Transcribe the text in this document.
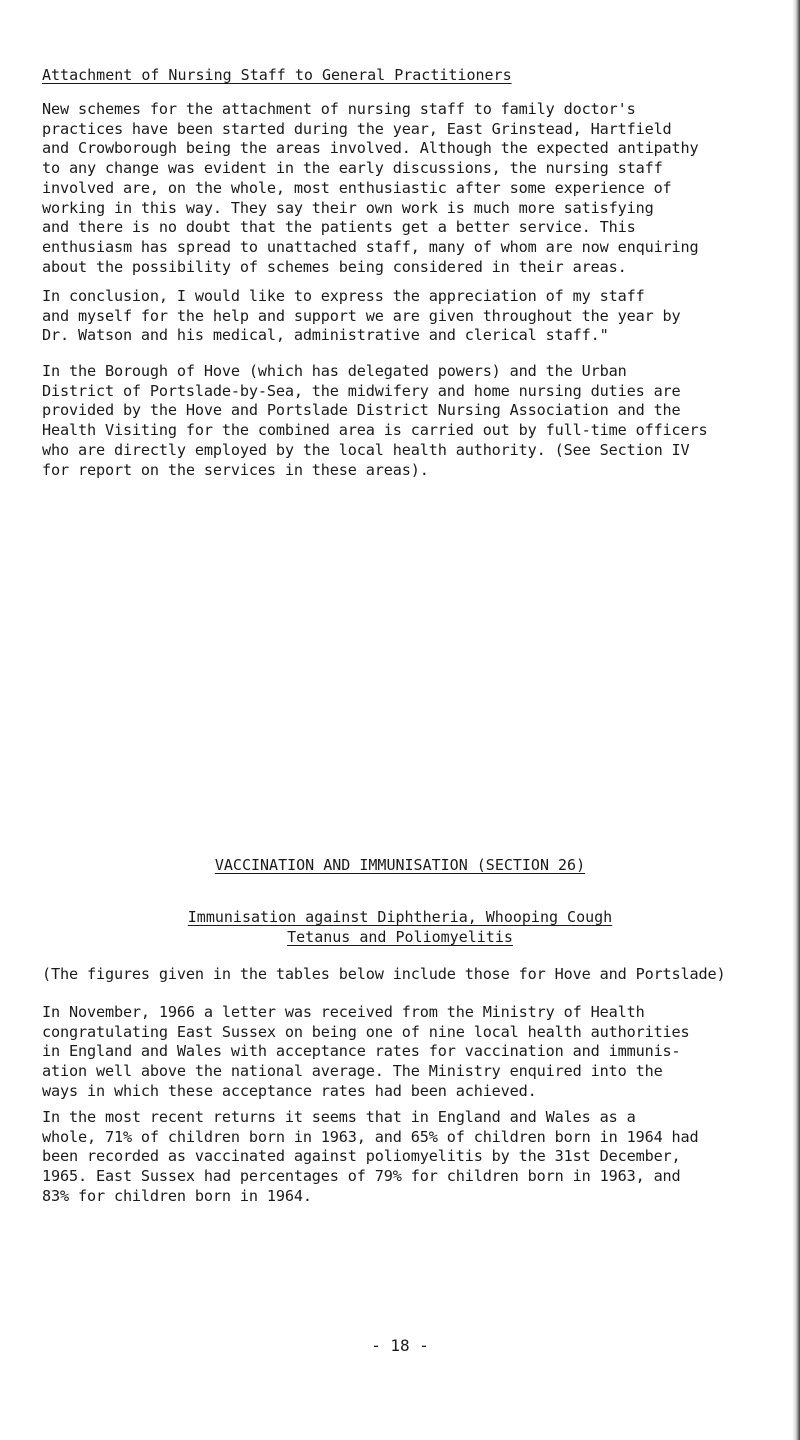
Attachment of Nursing Staff to General Practitioners
New schemes for the attachment of nursing staff to family doctor's
practices have been started during the year, East Grinstead, Hartfield
and Crowborough being the areas involved. Although the expected antipathy
to any change was evident in the early discussions, the nursing staff
involved are, on the whole, most enthusiastic after some experience of
working in this way. They say their own work is much more satisfying
and there is no doubt that the patients get a better service. This
enthusiasm has spread to unattached staff, many of whom are now enquiring
about the possibility of schemes being considered in their areas.
In conclusion, I would like to express the appreciation of my staff
and myself for the help and support we are given throughout the year by
Dr. Watson and his medical, administrative and clerical staff."
In the Borough of Hove (which has delegated powers) and the Urban
District of Portslade-by-Sea, the midwifery and home nursing duties are
provided by the Hove and Portslade District Nursing Association and the
Health Visiting for the combined area is carried out by full-time officers
who are directly employed by the local health authority. (See Section IV
for report on the services in these areas).
VACCINATION AND IMMUNISATION (SECTION 26)
Immunisation against Diphtheria, Whooping Cough
Tetanus and Poliomyelitis
(The figures given in the tables below include those for Hove and Portslade)
In November, 1966 a letter was received from the Ministry of Health
congratulating East Sussex on being one of nine local health authorities
in England and Wales with acceptance rates for vaccination and immunis-
ation well above the national average. The Ministry enquired into the
ways in which these acceptance rates had been achieved.
In the most recent returns it seems that in England and Wales as a
whole, 71% of children born in 1963, and 65% of children born in 1964 had
been recorded as vaccinated against poliomyelitis by the 31st December,
1965. East Sussex had percentages of 79% for children born in 1963, and
83% for children born in 1964.
- 18 -
